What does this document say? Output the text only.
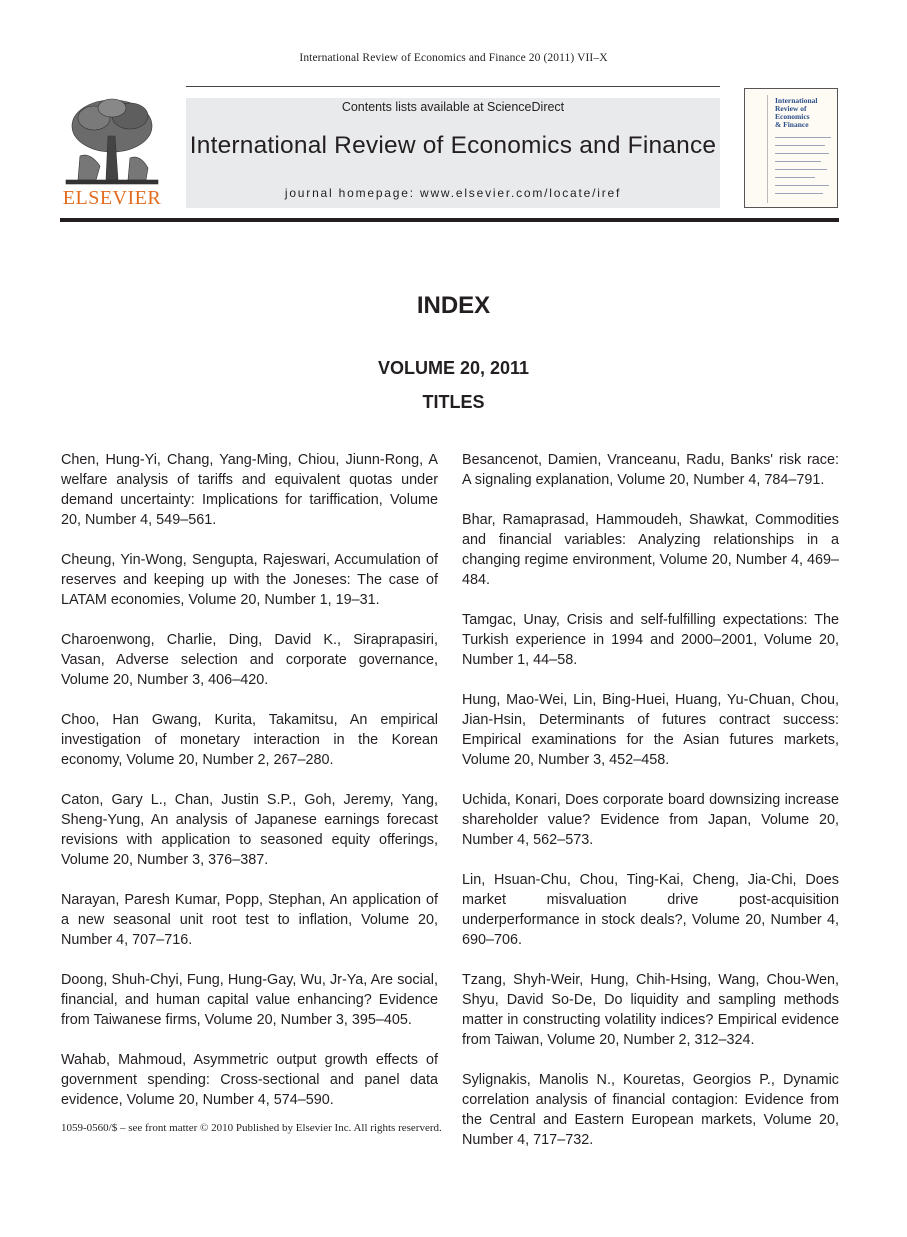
International Review of Economics and Finance 20 (2011) VII–X
ELSEVIER
Contents lists available at ScienceDirect
International Review of Economics and Finance
journal homepage: www.elsevier.com/locate/iref
International
Review of
Economics
& Finance
INDEX
VOLUME 20, 2011
TITLES

Chen, Hung-Yi, Chang, Yang-Ming, Chiou, Jiunn-Rong, A welfare analysis of tariffs and equivalent quotas under demand uncertainty: Implications for tariffication, Volume 20, Number 4, 549–561.

Cheung, Yin-Wong, Sengupta, Rajeswari, Accumulation of reserves and keeping up with the Joneses: The case of LATAM economies, Volume 20, Number 1, 19–31.

Charoenwong, Charlie, Ding, David K., Siraprapasiri, Vasan, Adverse selection and corporate governance, Volume 20, Number 3, 406–420.

Choo, Han Gwang, Kurita, Takamitsu, An empirical investigation of monetary interaction in the Korean economy, Volume 20, Number 2, 267–280.

Caton, Gary L., Chan, Justin S.P., Goh, Jeremy, Yang, Sheng-Yung, An analysis of Japanese earnings forecast revisions with application to seasoned equity offerings, Volume 20, Number 3, 376–387.

Narayan, Paresh Kumar, Popp, Stephan, An application of a new seasonal unit root test to inflation, Volume 20, Number 4, 707–716.

Doong, Shuh-Chyi, Fung, Hung-Gay, Wu, Jr-Ya, Are social, financial, and human capital value enhancing? Evidence from Taiwanese firms, Volume 20, Number 3, 395–405.

Wahab, Mahmoud, Asymmetric output growth effects of government spending: Cross-sectional and panel data evidence, Volume 20, Number 4, 574–590.

Besancenot, Damien, Vranceanu, Radu, Banks' risk race: A signaling explanation, Volume 20, Number 4, 784–791.

Bhar, Ramaprasad, Hammoudeh, Shawkat, Commodities and financial variables: Analyzing relationships in a changing regime environment, Volume 20, Number 4, 469–484.

Tamgac, Unay, Crisis and self-fulfilling expectations: The Turkish experience in 1994 and 2000–2001, Volume 20, Number 1, 44–58.

Hung, Mao-Wei, Lin, Bing-Huei, Huang, Yu-Chuan, Chou, Jian-Hsin, Determinants of futures contract success: Empirical examinations for the Asian futures markets, Volume 20, Number 3, 452–458.

Uchida, Konari, Does corporate board downsizing increase shareholder value? Evidence from Japan, Volume 20, Number 4, 562–573.

Lin, Hsuan-Chu, Chou, Ting-Kai, Cheng, Jia-Chi, Does market misvaluation drive post-acquisition underperformance in stock deals?, Volume 20, Number 4, 690–706.

Tzang, Shyh-Weir, Hung, Chih-Hsing, Wang, Chou-Wen, Shyu, David So-De, Do liquidity and sampling methods matter in constructing volatility indices? Empirical evidence from Taiwan, Volume 20, Number 2, 312–324.

Sylignakis, Manolis N., Kouretas, Georgios P., Dynamic correlation analysis of financial contagion: Evidence from the Central and Eastern European markets, Volume 20, Number 4, 717–732.

1059-0560/$ – see front matter © 2010 Published by Elsevier Inc. All rights reserverd.
